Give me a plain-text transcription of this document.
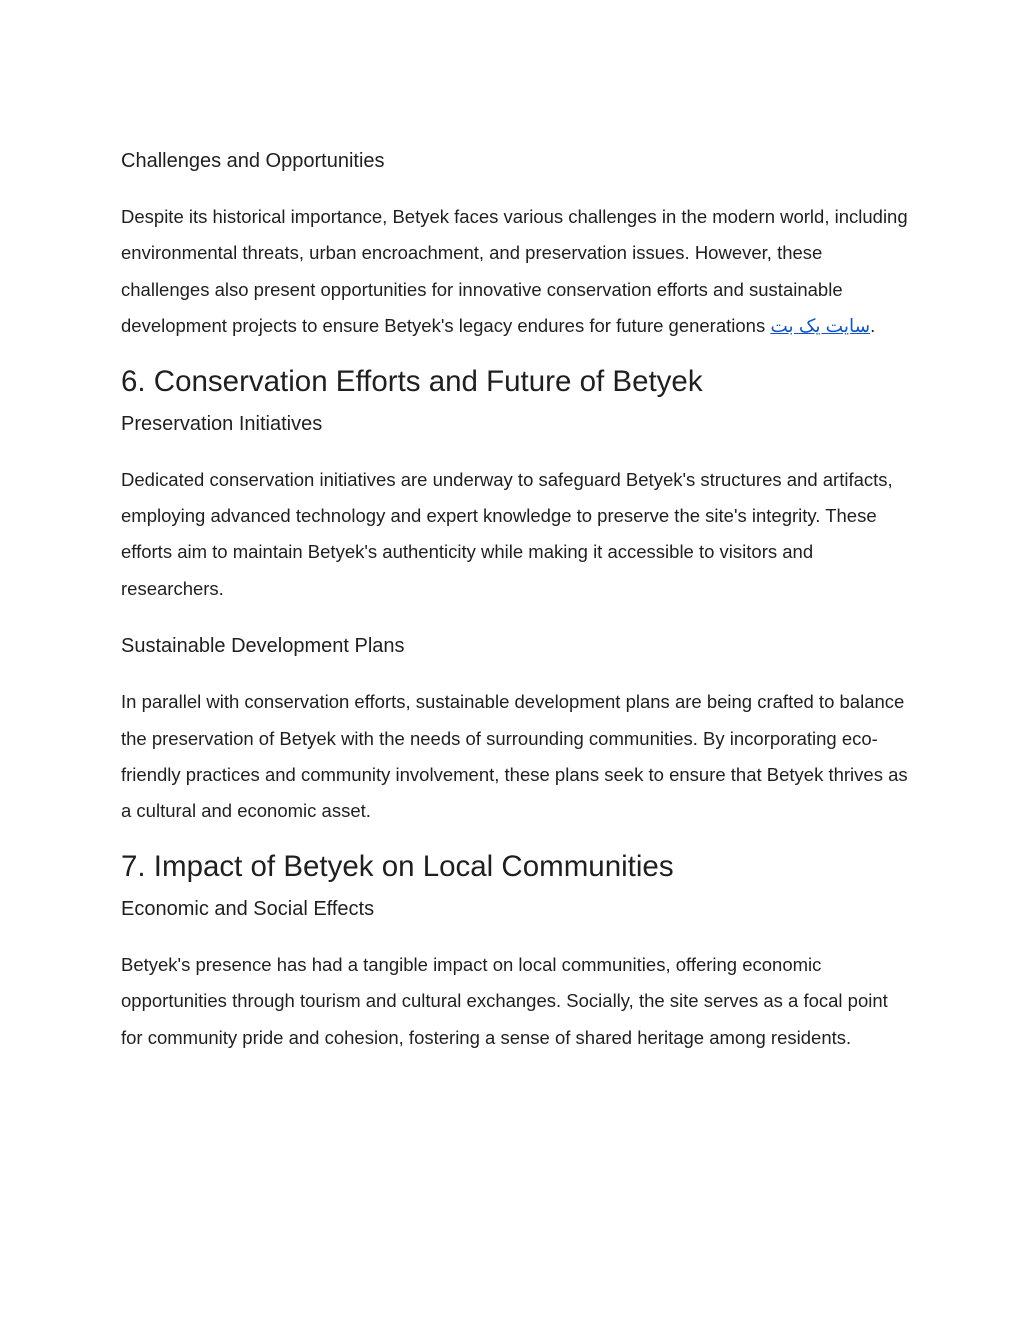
Challenges and Opportunities

Despite its historical importance, Betyek faces various challenges in the modern world, including environmental threats, urban encroachment, and preservation issues. However, these challenges also present opportunities for innovative conservation efforts and sustainable development projects to ensure Betyek's legacy endures for future generations سایت یک بت.

6. Conservation Efforts and Future of Betyek
Preservation Initiatives

Dedicated conservation initiatives are underway to safeguard Betyek's structures and artifacts, employing advanced technology and expert knowledge to preserve the site's integrity. These efforts aim to maintain Betyek's authenticity while making it accessible to visitors and researchers.

Sustainable Development Plans

In parallel with conservation efforts, sustainable development plans are being crafted to balance the preservation of Betyek with the needs of surrounding communities. By incorporating eco-friendly practices and community involvement, these plans seek to ensure that Betyek thrives as a cultural and economic asset.

7. Impact of Betyek on Local Communities
Economic and Social Effects

Betyek's presence has had a tangible impact on local communities, offering economic opportunities through tourism and cultural exchanges. Socially, the site serves as a focal point for community pride and cohesion, fostering a sense of shared heritage among residents.
